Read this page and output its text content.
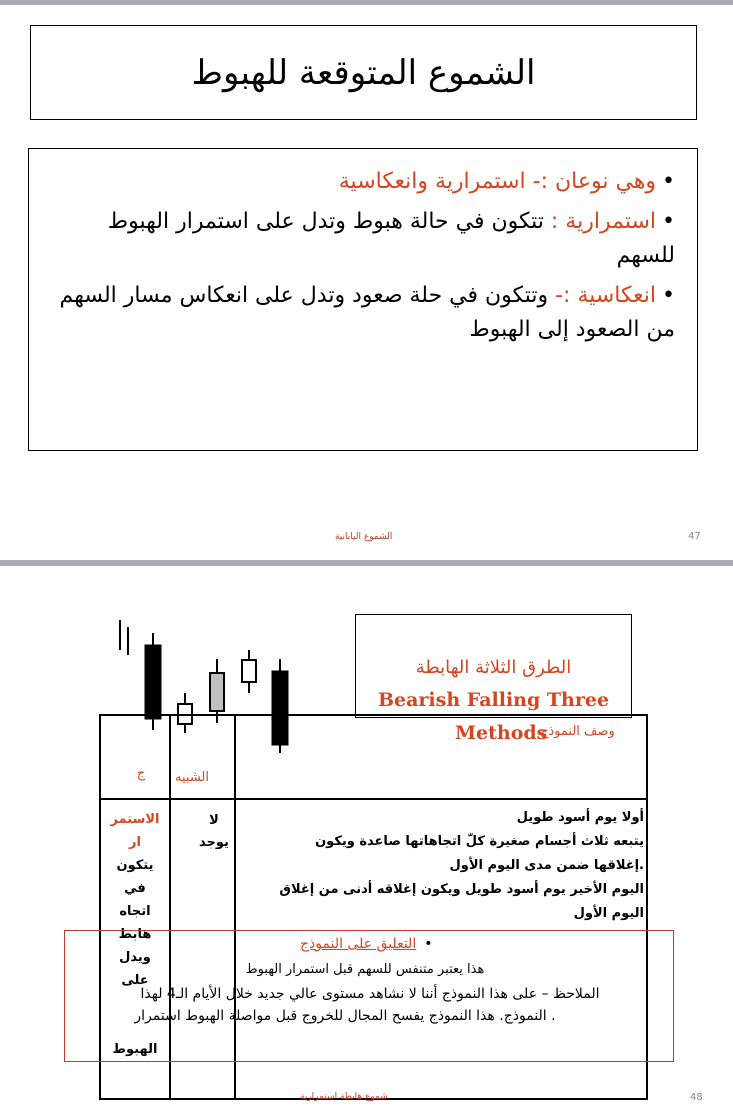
الشموع المتوقعة للهبوط

•وهي نوعان :- استمرارية وانعكاسية

•استمرارية : تتكون في حالة هبوط وتدل على استمرار الهبوط للسهم

•انعكاسية :- وتتكون في حلة صعود وتدل على انعكاس مسار السهم من الصعود إلى الهبوط

الشموع اليابانية	47
الطرق الثلاثة الهابطة
Bearish Falling Three
Methods
وصف النموذج
الشبيه
ج
الاستمر
ار
يتكون
في
اتجاه
هابط
ويدل
على
الهبوط
لا
يوجد
أولا يوم أسود طويل
يتبعه ثلاث أجسام صغيرة كلّ اتجاهاتها صاعدة ويكون
.إغلاقها ضمن مدى اليوم الأول
اليوم الأخير يوم أسود طويل ويكون إغلاقه أدنى من إغلاق
اليوم الأول
•التعليق على النموذج
هذا يعتبر متنفس للسهم قبل استمرار الهبوط
الملاحظ – على هذا النموذج أننا لا نشاهد مستوى عالي جديد خلال الأيام الـ4 لهذا
. النموذج. هذا النموذج يفسح المجال للخروج قبل مواصلة الهبوط استمرار
شموع هابطة استمرارية	48
